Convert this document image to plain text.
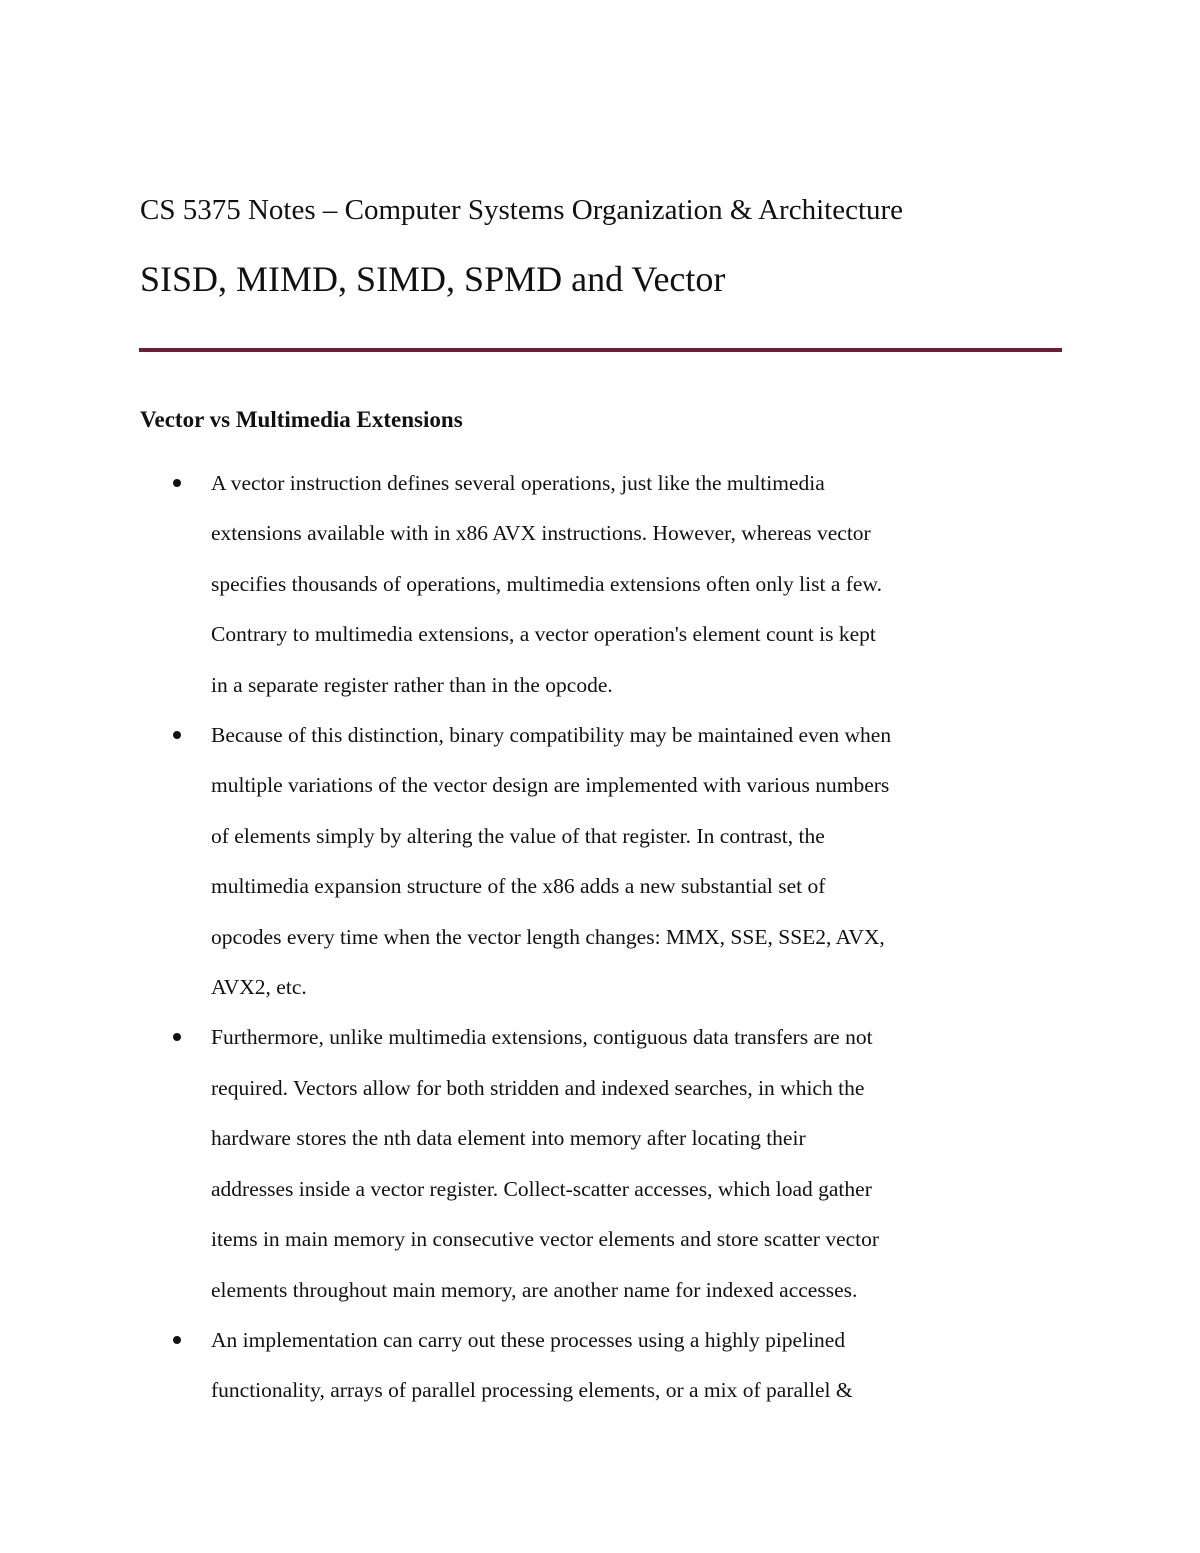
CS 5375 Notes – Computer Systems Organization & Architecture
SISD, MIMD, SIMD, SPMD and Vector
Vector vs Multimedia Extensions
A vector instruction defines several operations, just like the multimedia
extensions available with in x86 AVX instructions. However, whereas vector
specifies thousands of operations, multimedia extensions often only list a few.
Contrary to multimedia extensions, a vector operation's element count is kept
in a separate register rather than in the opcode.
Because of this distinction, binary compatibility may be maintained even when
multiple variations of the vector design are implemented with various numbers
of elements simply by altering the value of that register. In contrast, the
multimedia expansion structure of the x86 adds a new substantial set of
opcodes every time when the vector length changes: MMX, SSE, SSE2, AVX,
AVX2, etc.
Furthermore, unlike multimedia extensions, contiguous data transfers are not
required. Vectors allow for both stridden and indexed searches, in which the
hardware stores the nth data element into memory after locating their
addresses inside a vector register. Collect-scatter accesses, which load gather
items in main memory in consecutive vector elements and store scatter vector
elements throughout main memory, are another name for indexed accesses.
An implementation can carry out these processes using a highly pipelined
functionality, arrays of parallel processing elements, or a mix of parallel &
